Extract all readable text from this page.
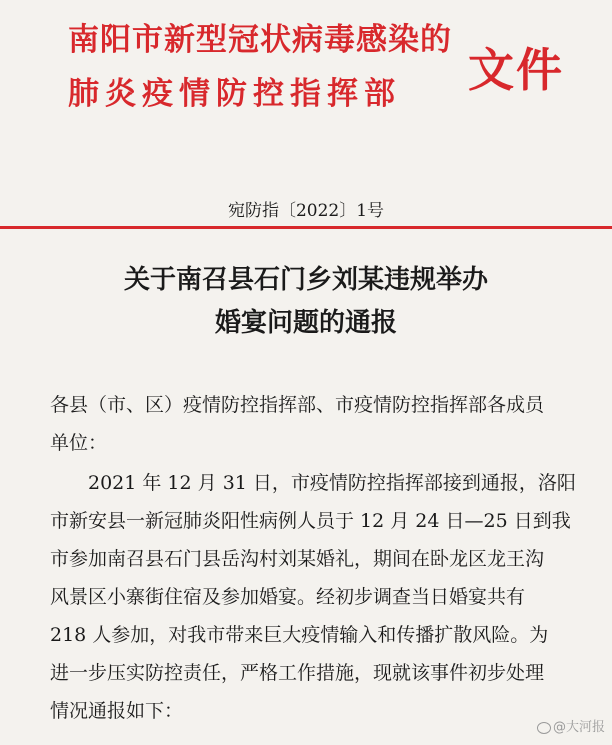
南阳市新型冠状病毒感染的
肺炎疫情防控指挥部 文件
宛防指〔2022〕1号
关于南召县石门乡刘某违规举办
婚宴问题的通报
各县（市、区）疫情防控指挥部、市疫情防控指挥部各成员
单位：
　　2021 年 12 月 31 日，市疫情防控指挥部接到通报，洛阳
市新安县一新冠肺炎阳性病例人员于 12 月 24 日—25 日到我
市参加南召县石门县岳沟村刘某婚礼，期间在卧龙区龙王沟
风景区小寨街住宿及参加婚宴。经初步调查当日婚宴共有
218 人参加，对我市带来巨大疫情输入和传播扩散风险。为
进一步压实防控责任，严格工作措施，现就该事件初步处理
情况通报如下：
@大河报
